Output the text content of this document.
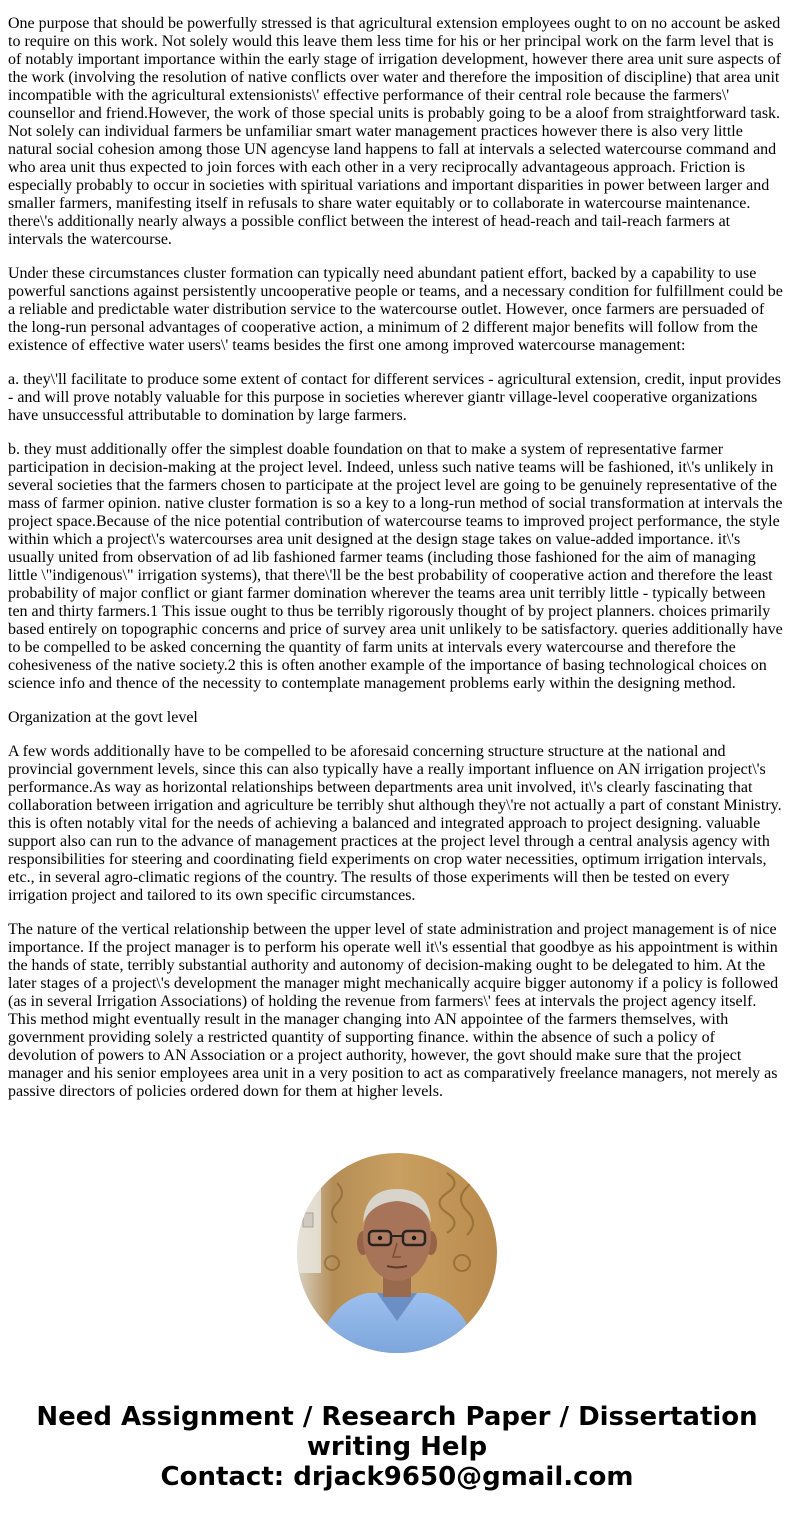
One purpose that should be powerfully stressed is that agricultural extension employees ought to on no account be asked to require on this work. Not solely would this leave them less time for his or her principal work on the farm level that is of notably important importance within the early stage of irrigation development, however there area unit sure aspects of the work (involving the resolution of native conflicts over water and therefore the imposition of discipline) that area unit incompatible with the agricultural extensionists\' effective performance of their central role because the farmers\' counsellor and friend.However, the work of those special units is probably going to be a aloof from straightforward task. Not solely can individual farmers be unfamiliar smart water management practices however there is also very little natural social cohesion among those UN agencyse land happens to fall at intervals a selected watercourse command and who area unit thus expected to join forces with each other in a very reciprocally advantageous approach. Friction is especially probably to occur in societies with spiritual variations and important disparities in power between larger and smaller farmers, manifesting itself in refusals to share water equitably or to collaborate in watercourse maintenance. there\'s additionally nearly always a possible conflict between the interest of head-reach and tail-reach farmers at intervals the watercourse.

Under these circumstances cluster formation can typically need abundant patient effort, backed by a capability to use powerful sanctions against persistently uncooperative people or teams, and a necessary condition for fulfillment could be a reliable and predictable water distribution service to the watercourse outlet. However, once farmers are persuaded of the long-run personal advantages of cooperative action, a minimum of 2 different major benefits will follow from the existence of effective water users\' teams besides the first one among improved watercourse management:

a. they\'ll facilitate to produce some extent of contact for different services - agricultural extension, credit, input provides - and will prove notably valuable for this purpose in societies wherever giantr village-level cooperative organizations have unsuccessful attributable to domination by large farmers.

b. they must additionally offer the simplest doable foundation on that to make a system of representative farmer participation in decision-making at the project level. Indeed, unless such native teams will be fashioned, it\'s unlikely in several societies that the farmers chosen to participate at the project level are going to be genuinely representative of the mass of farmer opinion. native cluster formation is so a key to a long-run method of social transformation at intervals the project space.Because of the nice potential contribution of watercourse teams to improved project performance, the style within which a project\'s watercourses area unit designed at the design stage takes on value-added importance. it\'s usually united from observation of ad lib fashioned farmer teams (including those fashioned for the aim of managing little \"indigenous\" irrigation systems), that there\'ll be the best probability of cooperative action and therefore the least probability of major conflict or giant farmer domination wherever the teams area unit terribly little - typically between ten and thirty farmers.1 This issue ought to thus be terribly rigorously thought of by project planners. choices primarily based entirely on topographic concerns and price of survey area unit unlikely to be satisfactory. queries additionally have to be compelled to be asked concerning the quantity of farm units at intervals every watercourse and therefore the cohesiveness of the native society.2 this is often another example of the importance of basing technological choices on science info and thence of the necessity to contemplate management problems early within the designing method.

Organization at the govt level

A few words additionally have to be compelled to be aforesaid concerning structure structure at the national and provincial government levels, since this can also typically have a really important influence on AN irrigation project\'s performance.As way as horizontal relationships between departments area unit involved, it\'s clearly fascinating that collaboration between irrigation and agriculture be terribly shut although they\'re not actually a part of constant Ministry. this is often notably vital for the needs of achieving a balanced and integrated approach to project designing. valuable support also can run to the advance of management practices at the project level through a central analysis agency with responsibilities for steering and coordinating field experiments on crop water necessities, optimum irrigation intervals, etc., in several agro-climatic regions of the country. The results of those experiments will then be tested on every irrigation project and tailored to its own specific circumstances.

The nature of the vertical relationship between the upper level of state administration and project management is of nice importance. If the project manager is to perform his operate well it\'s essential that goodbye as his appointment is within the hands of state, terribly substantial authority and autonomy of decision-making ought to be delegated to him. At the later stages of a project\'s development the manager might mechanically acquire bigger autonomy if a policy is followed (as in several Irrigation Associations) of holding the revenue from farmers\' fees at intervals the project agency itself. This method might eventually result in the manager changing into AN appointee of the farmers themselves, with government providing solely a restricted quantity of supporting finance. within the absence of such a policy of devolution of powers to AN Association or a project authority, however, the govt should make sure that the project manager and his senior employees area unit in a very position to act as comparatively freelance managers, not merely as passive directors of policies ordered down for them at higher levels.

Need Assignment / Research Paper / Dissertation
writing Help
Contact: drjack9650@gmail.com
